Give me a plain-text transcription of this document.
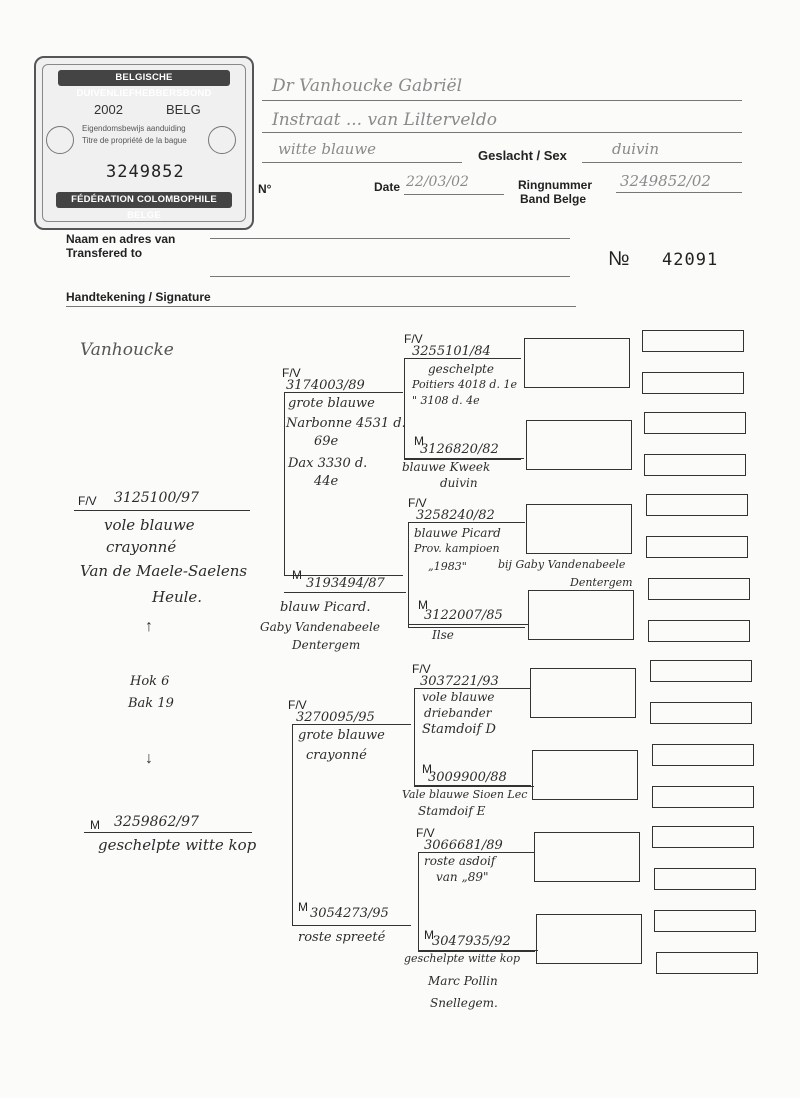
BELGISCHE DUIVENLIEFHEBBERSBOND
2002	BELG
Eigendomsbewijs aanduiding
Titre de propriété de la bague
3249852
FÉDÉRATION COLOMBOPHILE BELGE
Dr Vanhoucke Gabriël
Instraat ... van Lilterveldo
witte blauwe	Geslacht / Sex	duivin
N°	Date 22/03/02	Ringnummer
Band Belge
3249852/02
Naam en adres van
Transfered to	№ 42091
Handtekening / Signature
Vanhoucke
F/V 3125100/97
vole blauwe
crayonné
Van de Maele-Saelens
Heule.
↑
Hok 6
Bak 19
↓
M 3259862/97
geschelpte witte kop
F/V
3174003/89
grote blauwe
Narbonne 4531 d.
69e
Dax 3330 d.
44e
M
3193494/87
blauw Picard.
Gaby Vandenabeele
Dentergem
F/V
3270095/95
grote blauwe
crayonné
M 3054273/95
roste spreeté
F/V
3255101/84
geschelpte
Poitiers 4018 d. 1e
" 3108 d. 4e
M
3126820/82
blauwe Kweek
duivin
F/V
3258240/82
blauwe Picard
Prov. kampioen
„1983"	bij Gaby Vandenabeele
Dentergem
M
3122007/85
Ilse
F/V
3037221/93
vole blauwe
driebander
Stamdoif D
M
3009900/88
Vale blauwe Sioen Lec
Stamdoif E
F/V
3066681/89
roste asdoif
van „89"
M
3047935/92
geschelpte witte kop
Marc Pollin
Snellegem.
